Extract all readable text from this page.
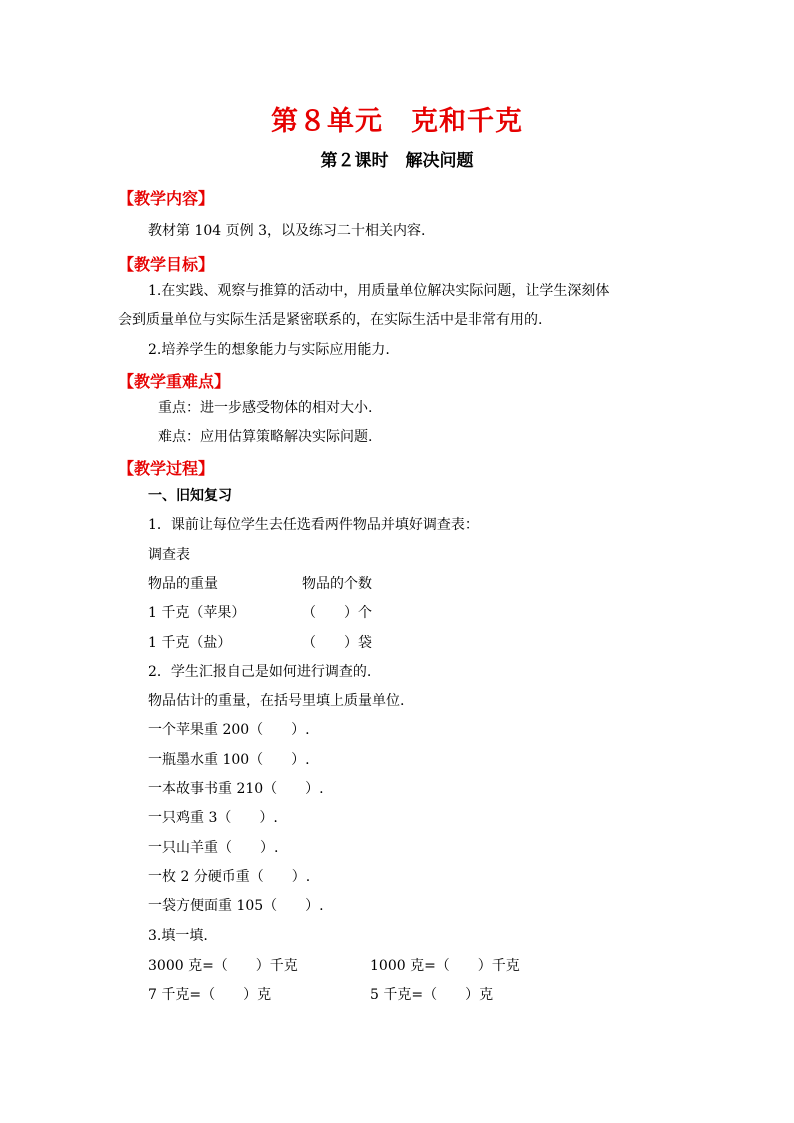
第８单元　克和千克
第２课时　解决问题
【教学内容】
教材第 104 页例 3，以及练习二十相关内容.
【教学目标】
1.在实践、观察与推算的活动中，用质量单位解决实际问题，让学生深刻体
会到质量单位与实际生活是紧密联系的，在实际生活中是非常有用的.
2.培养学生的想象能力与实际应用能力.
【教学重难点】
重点：进一步感受物体的相对大小.
难点：应用估算策略解决实际问题.
【教学过程】
一、旧知复习
1．课前让每位学生去任选看两件物品并填好调查表：
调查表
物品的重量	物品的个数
1 千克（苹果）	（　　）个
1 千克（盐）	（　　）袋
2．学生汇报自己是如何进行调查的.
物品估计的重量，在括号里填上质量单位.
一个苹果重 200（　　）.
一瓶墨水重 100（　　）.
一本故事书重 210（　　）.
一只鸡重 3（　　）.
一只山羊重（　　）.
一枚 2 分硬币重（　　）.
一袋方便面重 105（　　）.
3.填一填.
3000 克=（　　）千克	1000 克=（　　）千克
7 千克=（　　）克	5 千克=（　　）克
